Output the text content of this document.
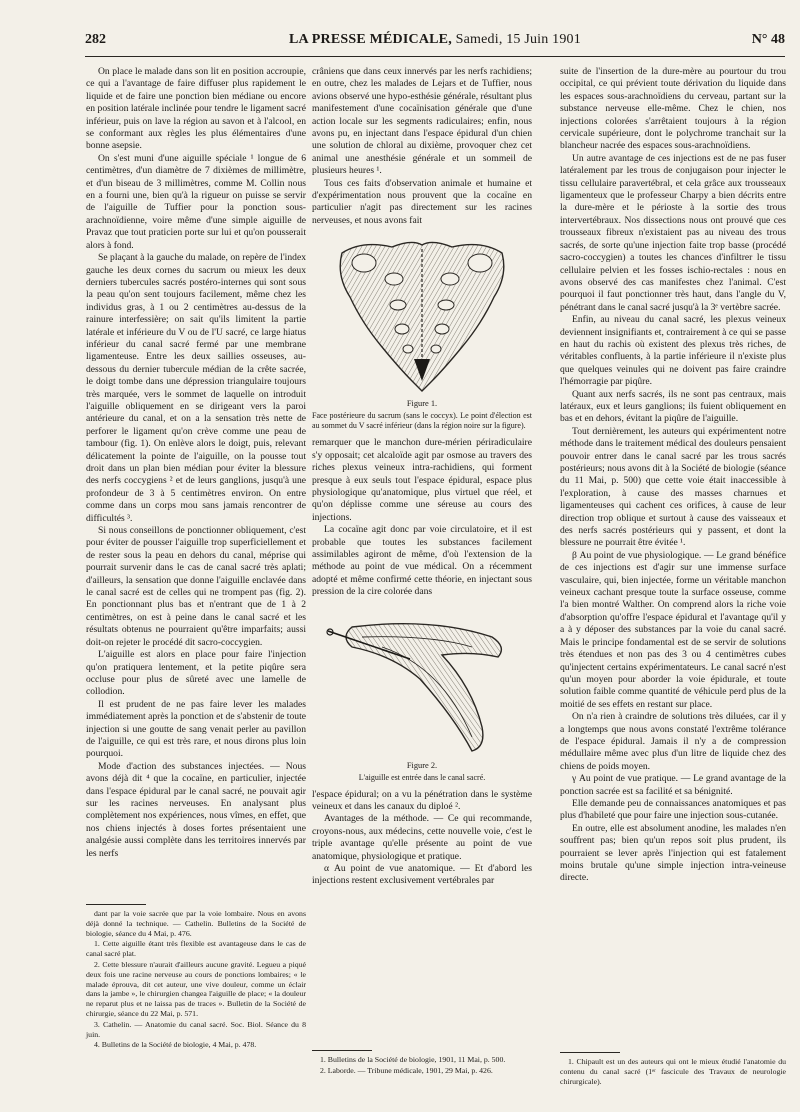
282	LA PRESSE MÉDICALE, Samedi, 15 Juin 1901	N° 48

On place le malade dans son lit en position accroupie, ce qui a l'avantage de faire diffuser plus rapidement le liquide et de faire une ponction bien médiane ou encore en position latérale inclinée pour tendre le ligament sacré inférieur, puis on lave la région au savon et à l'alcool, en se conformant aux règles les plus élémentaires d'une bonne asepsie.

On s'est muni d'une aiguille spéciale ¹ longue de 6 centimètres, d'un diamètre de 7 dixièmes de millimètre, et d'un biseau de 3 millimètres, comme M. Collin nous en a fourni une, bien qu'à la rigueur on puisse se servir de l'aiguille de Tuffier pour la ponction sous-arachnoïdienne, voire même d'une simple aiguille de Pravaz que tout praticien porte sur lui et qu'on pousserait alors à fond.

Se plaçant à la gauche du malade, on repère de l'index gauche les deux cornes du sacrum ou mieux les deux derniers tubercules sacrés postéro-internes qui sont sous la peau qu'on sent toujours facilement, même chez les individus gras, à 1 ou 2 centimètres au-dessus de la rainure interfessière; on sait qu'ils limitent la partie latérale et inférieure du V ou de l'U sacré, ce large hiatus inférieur du canal sacré fermé par une membrane ligamenteuse. Entre les deux saillies osseuses, au-dessous du dernier tubercule médian de la crête sacrée, le doigt tombe dans une dépression triangulaire toujours très marquée, vers le sommet de laquelle on introduit l'aiguille obliquement en se dirigeant vers la paroi antérieure du canal, et on a la sensation très nette de perforer le ligament qu'on crève comme une peau de tambour (fig. 1). On enlève alors le doigt, puis, relevant délicatement la pointe de l'aiguille, on la pousse tout droit dans un plan bien médian pour éviter la blessure des nerfs coccygiens ² et de leurs ganglions, jusqu'à une profondeur de 3 à 5 centimètres environ. On entre comme dans un corps mou sans jamais rencontrer de difficultés ³.

Si nous conseillons de ponctionner obliquement, c'est pour éviter de pousser l'aiguille trop superficiellement et de rester sous la peau en dehors du canal, méprise qui pourrait survenir dans le cas de canal sacré très aplati; d'ailleurs, la sensation que donne l'aiguille enclavée dans le canal sacré est de celles qui ne trompent pas (fig. 2). En ponctionnant plus bas et n'entrant que de 1 à 2 centimètres, on est à peine dans le canal sacré et les résultats obtenus ne pourraient qu'être imparfaits; aussi doit-on rejeter le procédé dit sacro-coccygien.

L'aiguille est alors en place pour faire l'injection qu'on pratiquera lentement, et la petite piqûre sera occluse pour plus de sûreté avec une lamelle de collodion.

Il est prudent de ne pas faire lever les malades immédiatement après la ponction et de s'abstenir de toute injection si une goutte de sang venait perler au pavillon de l'aiguille, ce qui est très rare, et nous dirons plus loin pourquoi.

Mode d'action des substances injectées. — Nous avons déjà dit ⁴ que la cocaïne, en particulier, injectée dans l'espace épidural par le canal sacré, ne pouvait agir sur les racines nerveuses. En analysant plus complètement nos expériences, nous vîmes, en effet, que nos chiens injectés à doses fortes présentaient une analgésie aussi complète dans les territoires innervés par les nerfs

crâniens que dans ceux innervés par les nerfs rachidiens; en outre, chez les malades de Lejars et de Tuffier, nous avions observé une hypo-esthésie générale, résultant plus manifestement d'une cocaïnisation générale que d'une action locale sur les segments radiculaires; enfin, nous avons pu, en injectant dans l'espace épidural d'un chien une solution de chloral au dixième, provoquer chez cet animal une anesthésie générale et un sommeil de plusieurs heures ¹.

Tous ces faits d'observation animale et humaine et d'expérimentation nous prouvent que la cocaïne en particulier n'agit pas directement sur les racines nerveuses, et nous avons fait

Figure 1.
Face postérieure du sacrum (sans le coccyx). Le point d'élection est au sommet du V sacré inférieur (dans la région noire sur la figure).

remarquer que le manchon dure-mérien périradiculaire s'y opposait; cet alcaloïde agit par osmose au travers des riches plexus veineux intra-rachidiens, qui forment presque à eux seuls tout l'espace épidural, espace plus physiologique qu'anatomique, plus virtuel que réel, et qu'on déplisse comme une séreuse au cours des injections.

La cocaïne agit donc par voie circulatoire, et il est probable que toutes les substances facilement assimilables agiront de même, d'où l'extension de la méthode au point de vue médical. On a récemment adopté et même confirmé cette théorie, en injectant sous pression de la cire colorée dans

Figure 2.
L'aiguille est entrée dans le canal sacré.

l'espace épidural; on a vu la pénétration dans le système veineux et dans les canaux du diploé ².

Avantages de la méthode. — Ce qui recommande, croyons-nous, aux médecins, cette nouvelle voie, c'est le triple avantage qu'elle présente au point de vue anatomique, physiologique et pratique.

α Au point de vue anatomique. — Et d'abord les injections restent exclusivement vertébrales par

suite de l'insertion de la dure-mère au pourtour du trou occipital, ce qui prévient toute dérivation du liquide dans les espaces sous-arachnoïdiens du cerveau, partant sur la substance nerveuse elle-même. Chez le chien, nos injections colorées s'arrêtaient toujours à la région cervicale supérieure, dont le polychrome tranchait sur la blancheur nacrée des espaces sous-arachnoïdiens.

Un autre avantage de ces injections est de ne pas fuser latéralement par les trous de conjugaison pour injecter le tissu cellulaire paravertébral, et cela grâce aux trousseaux ligamenteux que le professeur Charpy a bien décrits entre la dure-mère et le périoste à la sortie des trous intervertébraux. Nos dissections nous ont prouvé que ces trousseaux fibreux n'existaient pas au niveau des trous sacrés, de sorte qu'une injection faite trop basse (procédé sacro-coccygien) a toutes les chances d'infiltrer le tissu cellulaire pelvien et les fosses ischio-rectales : nous en avons observé des cas manifestes chez l'animal. C'est pourquoi il faut ponctionner très haut, dans l'angle du V, pénétrant dans le canal sacré jusqu'à la 3ᵉ vertèbre sacrée.

Enfin, au niveau du canal sacré, les plexus veineux deviennent insignifiants et, contrairement à ce qui se passe en haut du rachis où existent des plexus très riches, de véritables confluents, à la partie inférieure il n'existe plus que quelques veinules qui ne doivent pas faire craindre l'hémorragie par piqûre.

Quant aux nerfs sacrés, ils ne sont pas centraux, mais latéraux, eux et leurs ganglions; ils fuient obliquement en bas et en dehors, évitant la piqûre de l'aiguille.

Tout dernièrement, les auteurs qui expérimentent notre méthode dans le traitement médical des douleurs pensaient pouvoir entrer dans le canal sacré par les trous sacrés postérieurs; nous avons dit à la Société de biologie (séance du 11 Mai, p. 500) que cette voie était inaccessible à l'exploration, à cause des masses charnues et ligamenteuses qui cachent ces orifices, à cause de leur direction trop oblique et surtout à cause des vaisseaux et des nerfs sacrés postérieurs qui y passent, et dont la blessure ne pourrait être évitée ¹.

β Au point de vue physiologique. — Le grand bénéfice de ces injections est d'agir sur une immense surface vasculaire, qui, bien injectée, forme un véritable manchon veineux cachant presque toute la surface osseuse, comme l'a bien montré Walther. On comprend alors la riche voie d'absorption qu'offre l'espace épidural et l'avantage qu'il y a à y déposer des substances par la voie du canal sacré. Mais le principe fondamental est de se servir de solutions très étendues et non pas des 3 ou 4 centimètres cubes qu'injectent certains expérimentateurs. Le canal sacré n'est qu'un moyen pour aborder la voie épidurale, et toute solution faible comme quantité de véhicule perd plus de la moitié de ses effets en restant sur place.

On n'a rien à craindre de solutions très diluées, car il y a longtemps que nous avons constaté l'extrême tolérance de l'espace épidural. Jamais il n'y a de compression médullaire même avec plus d'un litre de liquide chez des chiens de poids moyen.

γ Au point de vue pratique. — Le grand avantage de la ponction sacrée est sa facilité et sa bénignité.

Elle demande peu de connaissances anatomiques et pas plus d'habileté que pour faire une injection sous-cutanée.

En outre, elle est absolument anodine, les malades n'en souffrent pas; bien qu'un repos soit plus prudent, ils pourraient se lever après l'injection qui est fatalement moins brutale qu'une simple injection intra-veineuse directe.

dant par la voie sacrée que par la voie lombaire. Nous en avons déjà donné la technique. — Cathelin. Bulletins de la Société de biologie, séance du 4 Mai, p. 476.

1. Cette aiguille étant très flexible est avantageuse dans le cas de canal sacré plat.

2. Cette blessure n'aurait d'ailleurs aucune gravité. Legueu a piqué deux fois une racine nerveuse au cours de ponctions lombaires; « le malade éprouva, dit cet auteur, une vive douleur, comme un éclair dans la jambe », le chirurgien changea l'aiguille de place; « la douleur ne reparut plus et ne laissa pas de traces ». Bulletin de la Société de chirurgie, séance du 22 Mai, p. 571.

3. Cathelin. — Anatomie du canal sacré. Soc. Biol. Séance du 8 juin.

4. Bulletins de la Société de biologie, 4 Mai, p. 478.

1. Bulletins de la Société de biologie, 1901, 11 Mai, p. 500.

2. Laborde. — Tribune médicale, 1901, 29 Mai, p. 426.

1. Chipault est un des auteurs qui ont le mieux étudié l'anatomie du contenu du canal sacré (1ᵉʳ fascicule des Travaux de neurologie chirurgicale).
